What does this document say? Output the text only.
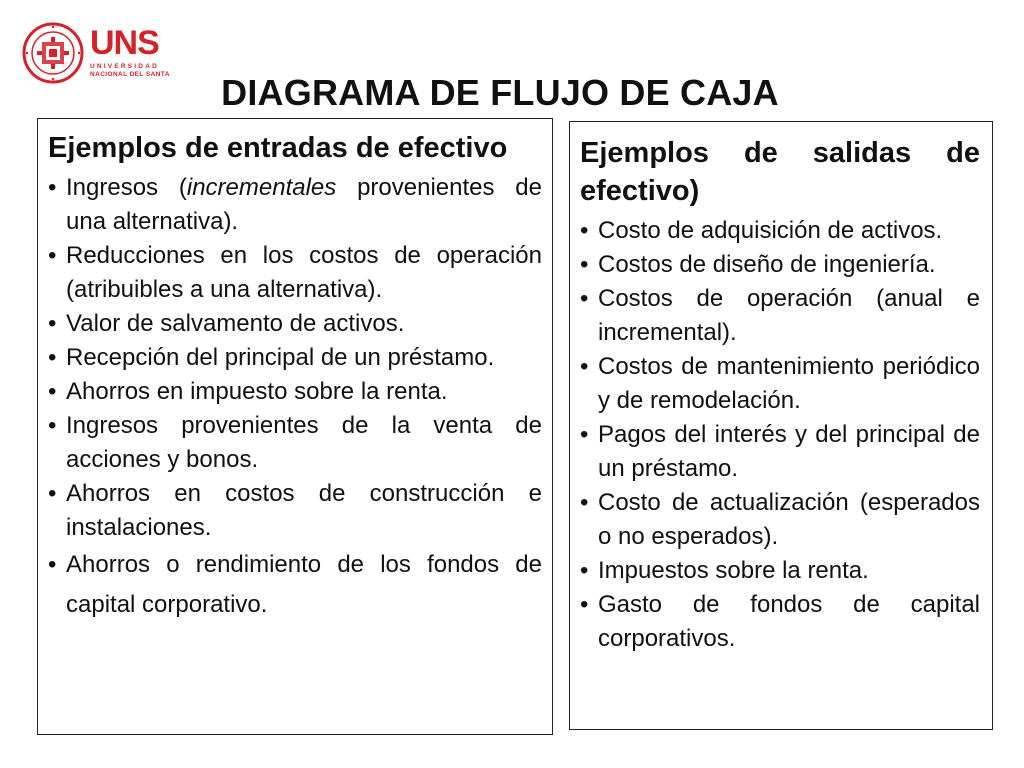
UNS
UNIVERSIDAD
NACIONAL DEL SANTA	DIAGRAMA DE FLUJO DE CAJA
Ejemplos de entradas de efectivo
• Ingresos (incrementales provenientes de una alternativa).
• Reducciones en los costos de operación (atribuibles a una alternativa).
• Valor de salvamento de activos.
• Recepción del principal de un préstamo.
• Ahorros en impuesto sobre la renta.
• Ingresos provenientes de la venta de acciones y bonos.
• Ahorros en costos de construcción e instalaciones.
• Ahorros o rendimiento de los fondos de capital corporativo.
Ejemplos de salidas de efectivo)
• Costo de adquisición de activos.
• Costos de diseño de ingeniería.
• Costos de operación (anual e incremental).
• Costos de mantenimiento periódico y de remodelación.
• Pagos del interés y del principal de un préstamo.
• Costo de actualización (esperados o no esperados).
• Impuestos sobre la renta.
• Gasto de fondos de capital corporativos.
